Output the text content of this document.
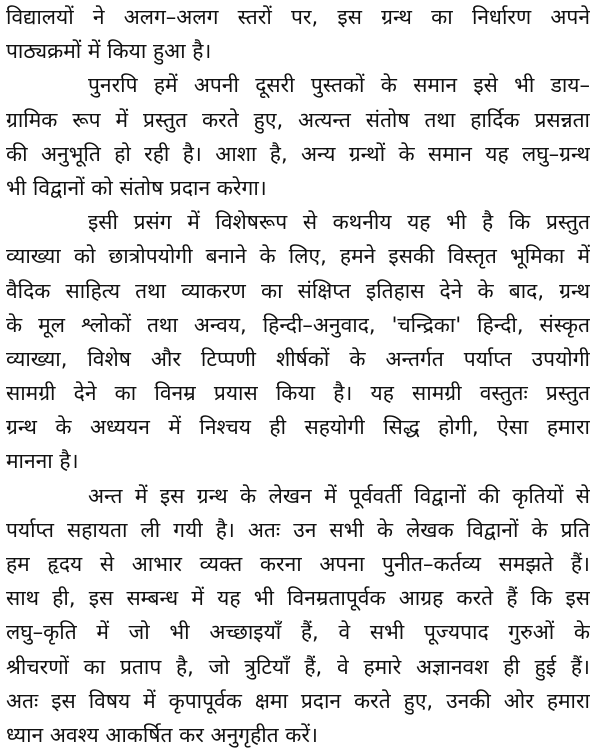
विद्यालयों ने अलग–अलग स्तरों पर, इस ग्रन्थ का निर्धारण अपने
पाठ्यक्रमों में किया हुआ है।
पुनरपि हमें अपनी दूसरी पुस्तकों के समान इसे भी डाय–
ग्रामिक रूप में प्रस्तुत करते हुए, अत्यन्त संतोष तथा हार्दिक प्रसन्नता
की अनुभूति हो रही है। आशा है, अन्य ग्रन्थों के समान यह लघु–ग्रन्थ
भी विद्वानों को संतोष प्रदान करेगा।
इसी प्रसंग में विशेषरूप से कथनीय यह भी है कि प्रस्तुत
व्याख्या को छात्रोपयोगी बनाने के लिए, हमने इसकी विस्तृत भूमिका में
वैदिक साहित्य तथा व्याकरण का संक्षिप्त इतिहास देने के बाद, ग्रन्थ
के मूल श्लोकों तथा अन्वय, हिन्दी–अनुवाद, 'चन्द्रिका' हिन्दी, संस्कृत
व्याख्या, विशेष और टिप्पणी शीर्षकों के अन्तर्गत पर्याप्त उपयोगी
सामग्री देने का विनम्र प्रयास किया है। यह सामग्री वस्तुतः प्रस्तुत
ग्रन्थ के अध्ययन में निश्चय ही सहयोगी सिद्ध होगी, ऐसा हमारा
मानना है।
अन्त में इस ग्रन्थ के लेखन में पूर्ववर्ती विद्वानों की कृतियों से
पर्याप्त सहायता ली गयी है। अतः उन सभी के लेखक विद्वानों के प्रति
हम हृदय से आभार व्यक्त करना अपना पुनीत–कर्तव्य समझते हैं।
साथ ही, इस सम्बन्ध में यह भी विनम्रतापूर्वक आग्रह करते हैं कि इस
लघु–कृति में जो भी अच्छाइयाँ हैं, वे सभी पूज्यपाद गुरुओं के
श्रीचरणों का प्रताप है, जो त्रुटियाँ हैं, वे हमारे अज्ञानवश ही हुई हैं।
अतः इस विषय में कृपापूर्वक क्षमा प्रदान करते हुए, उनकी ओर हमारा
ध्यान अवश्य आकर्षित कर अनुगृहीत करें।
